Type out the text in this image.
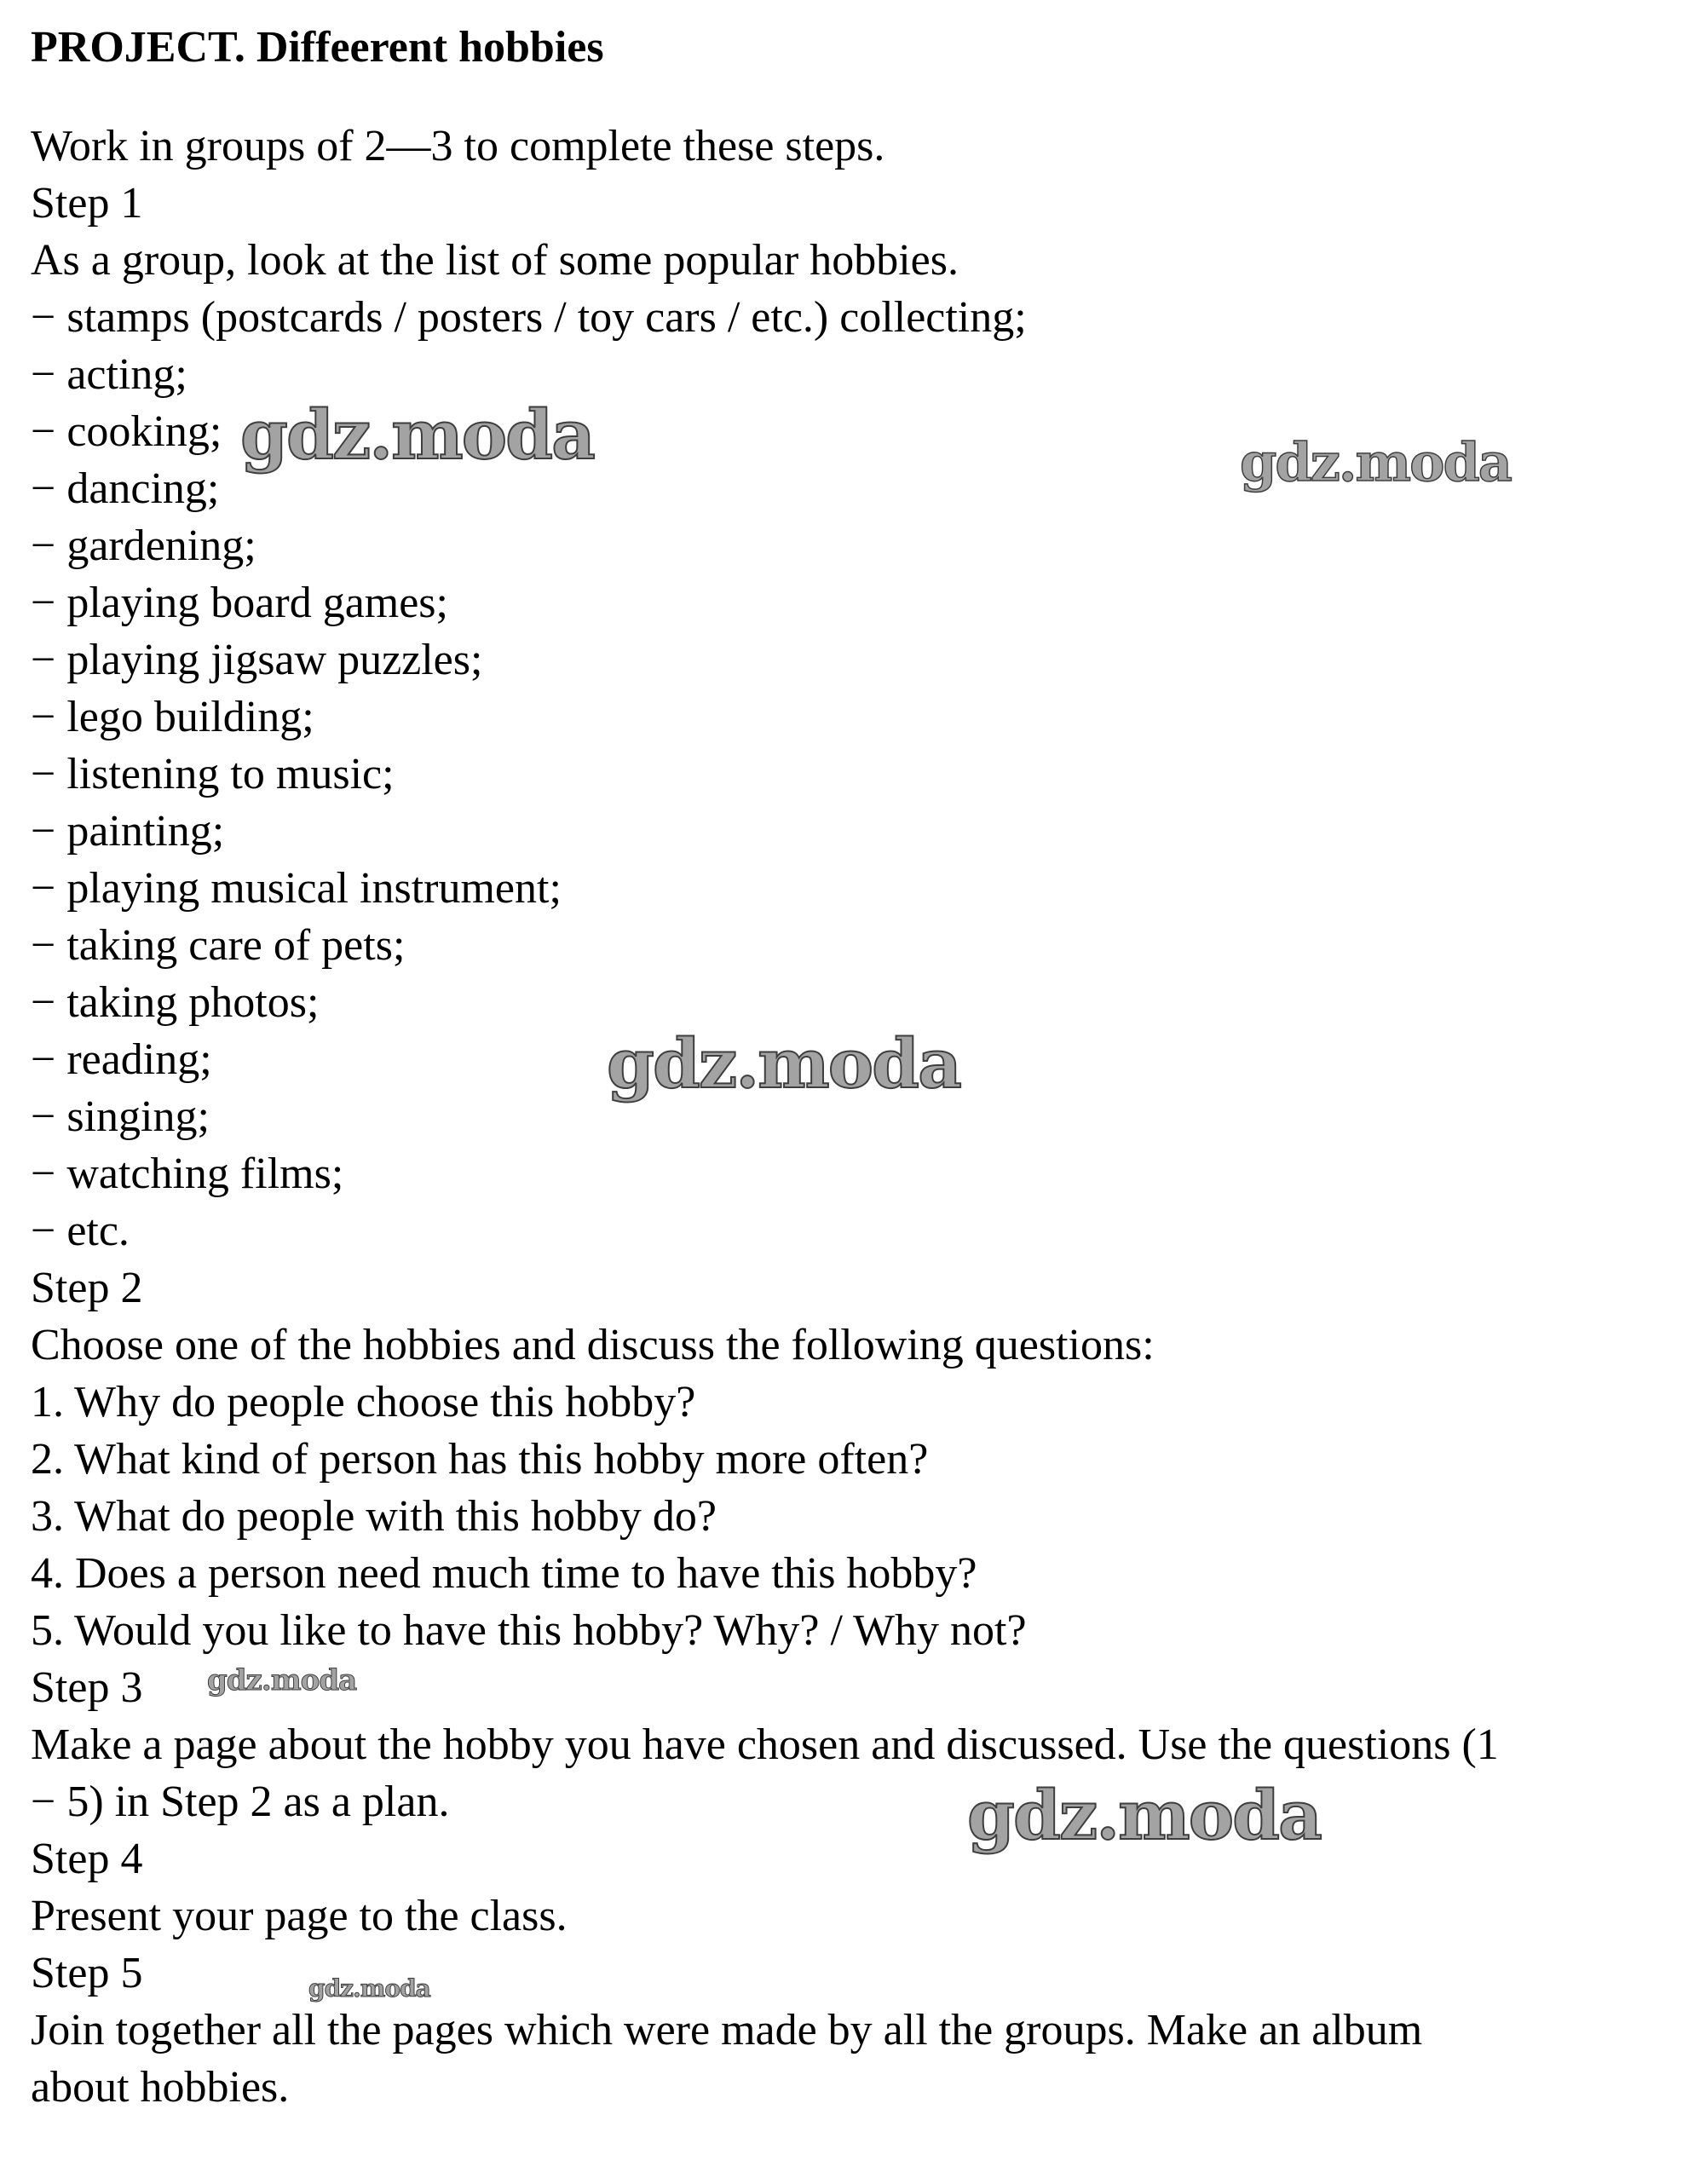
PROJECT. Diffeerent hobbies
Work in groups of 2—3 to complete these steps.
Step 1
As a group, look at the list of some popular hobbies.
− stamps (postcards / posters / toy cars / etc.) collecting;
− acting;
− cooking;
− dancing;
− gardening;
− playing board games;
− playing jigsaw puzzles;
− lego building;
− listening to music;
− painting;
− playing musical instrument;
− taking care of pets;
− taking photos;
− reading;
− singing;
− watching films;
− etc.
Step 2
Choose one of the hobbies and discuss the following questions:
1. Why do people choose this hobby?
2. What kind of person has this hobby more often?
3. What do people with this hobby do?
4. Does a person need much time to have this hobby?
5. Would you like to have this hobby? Why? / Why not?
Step 3
Make a page about the hobby you have chosen and discussed. Use the questions (1
− 5) in Step 2 as a plan.
Step 4
Present your page to the class.
Step 5
Join together all the pages which were made by all the groups. Make an album
about hobbies.
gdz.moda	gdz.moda
gdz.moda
gdz.moda
gdz.moda
gdz.moda
